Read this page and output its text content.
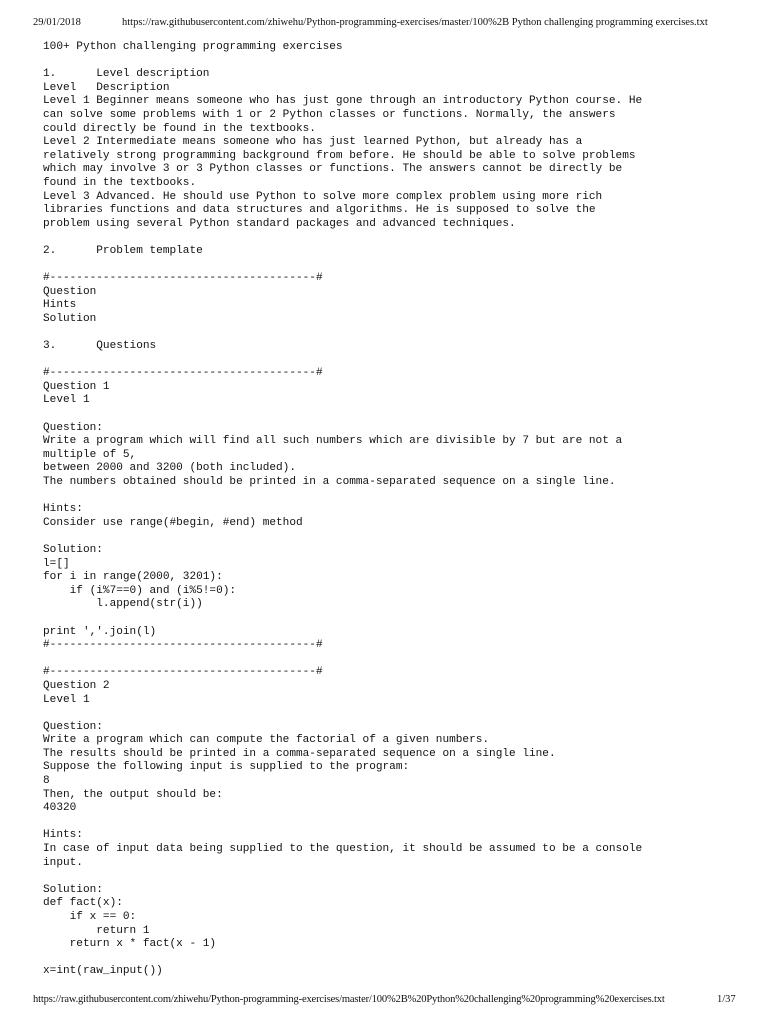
29/01/2018	https://raw.githubusercontent.com/zhiwehu/Python-programming-exercises/master/100%2B Python challenging programming exercises.txt
100+ Python challenging programming exercises
1.      Level description
Level   Description
Level 1 Beginner means someone who has just gone through an introductory Python course. He
can solve some problems with 1 or 2 Python classes or functions. Normally, the answers
could directly be found in the textbooks.
Level 2 Intermediate means someone who has just learned Python, but already has a
relatively strong programming background from before. He should be able to solve problems
which may involve 3 or 3 Python classes or functions. The answers cannot be directly be
found in the textbooks.
Level 3 Advanced. He should use Python to solve more complex problem using more rich
libraries functions and data structures and algorithms. He is supposed to solve the
problem using several Python standard packages and advanced techniques.
2.      Problem template
#----------------------------------------#
Question
Hints
Solution
3.      Questions
#----------------------------------------#
Question 1
Level 1
Question:
Write a program which will find all such numbers which are divisible by 7 but are not a
multiple of 5,
between 2000 and 3200 (both included).
The numbers obtained should be printed in a comma-separated sequence on a single line.
Hints:
Consider use range(#begin, #end) method
Solution:
l=[]
for i in range(2000, 3201):
if (i%7==0) and (i%5!=0):
l.append(str(i))
print ','.join(l)
#----------------------------------------#
#----------------------------------------#
Question 2
Level 1
Question:
Write a program which can compute the factorial of a given numbers.
The results should be printed in a comma-separated sequence on a single line.
Suppose the following input is supplied to the program:
8
Then, the output should be:
40320
Hints:
In case of input data being supplied to the question, it should be assumed to be a console
input.
Solution:
def fact(x):
if x == 0:
return 1
return x * fact(x - 1)
x=int(raw_input())
https://raw.githubusercontent.com/zhiwehu/Python-programming-exercises/master/100%2B%20Python%20challenging%20programming%20exercises.txt	1/37
